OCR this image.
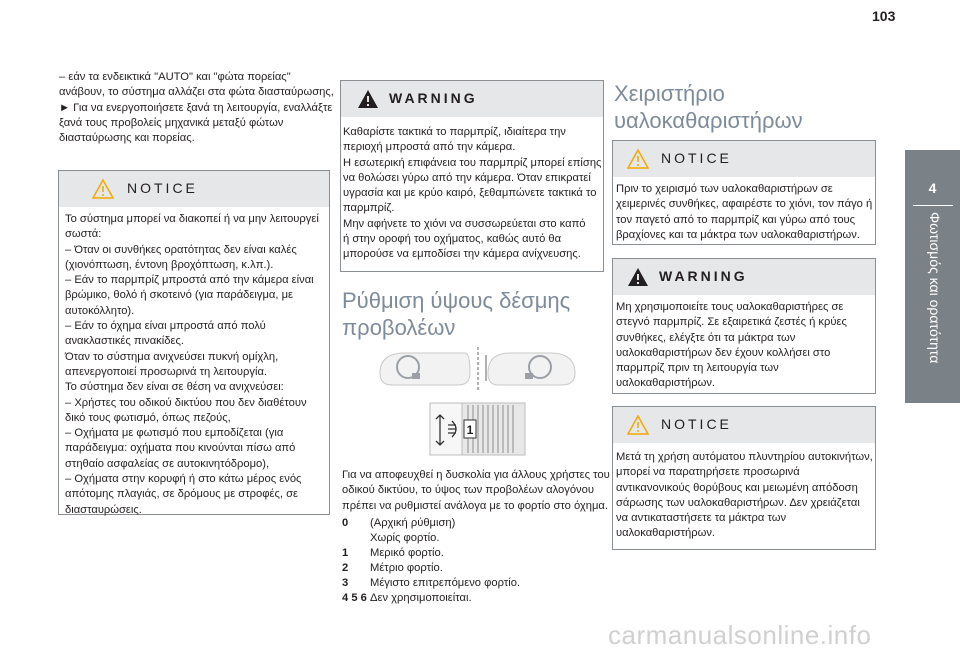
103
4
Φωτισμός και ορατότητα
– εάν τα ενδεικτικά "AUTO" και "φώτα πορείας"
ανάβουν, το σύστημα αλλάζει στα φώτα διασταύρωσης,
► Για να ενεργοποιήσετε ξανά τη λειτουργία, εναλλάξτε
ξανά τους προβολείς μηχανικά μεταξύ φώτων
διασταύρωσης και πορείας.
NOTICE
Το σύστημα μπορεί να διακοπεί ή να μην λειτουργεί
σωστά:
– Όταν οι συνθήκες ορατότητας δεν είναι καλές
(χιονόπτωση, έντονη βροχόπτωση, κ.λπ.).
– Εάν το παρμπρίζ μπροστά από την κάμερα είναι
βρώμικο, θολό ή σκοτεινό (για παράδειγμα, με
αυτοκόλλητο).
– Εάν το όχημα είναι μπροστά από πολύ
ανακλαστικές πινακίδες.
Όταν το σύστημα ανιχνεύσει πυκνή ομίχλη,
απενεργοποιεί προσωρινά τη λειτουργία.
Το σύστημα δεν είναι σε θέση να ανιχνεύσει:
– Χρήστες του οδικού δικτύου που δεν διαθέτουν
δικό τους φωτισμό, όπως πεζούς,
– Οχήματα με φωτισμό που εμποδίζεται (για
παράδειγμα: οχήματα που κινούνται πίσω από
στηθαίο ασφαλείας σε αυτοκινητόδρομο),
– Οχήματα στην κορυφή ή στο κάτω μέρος ενός
απότομης πλαγιάς, σε δρόμους με στροφές, σε
διασταυρώσεις.
WARNING
Καθαρίστε τακτικά το παρμπρίζ, ιδιαίτερα την
περιοχή μπροστά από την κάμερα.
Η εσωτερική επιφάνεια του παρμπρίζ μπορεί επίσης
να θολώσει γύρω από την κάμερα. Όταν επικρατεί
υγρασία και με κρύο καιρό, ξεθαμπώνετε τακτικά το
παρμπρίζ.
Μην αφήνετε το χιόνι να συσσωρεύεται στο καπό
ή στην οροφή του οχήματος, καθώς αυτό θα
μπορούσε να εμποδίσει την κάμερα ανίχνευσης.
Ρύθμιση ύψους δέσμης
προβολέων
1
Για να αποφευχθεί η δυσκολία για άλλους χρήστες του
οδικού δικτύου, το ύψος των προβολέων αλογόνου
πρέπει να ρυθμιστεί ανάλογα με το φορτίο στο όχημα.
0 (Αρχική ρύθμιση)
Χωρίς φορτίο.
1 Μερικό φορτίο.
2 Μέτριο φορτίο.
3 Μέγιστο επιτρεπόμενο φορτίο.
4 5 6 Δεν χρησιμοποιείται.
Χειριστήριο
υαλοκαθαριστήρων
NOTICE
Πριν το χειρισμό των υαλοκαθαριστήρων σε
χειμερινές συνθήκες, αφαιρέστε το χιόνι, τον πάγο ή
τον παγετό από το παρμπρίζ και γύρω από τους
βραχίονες και τα μάκτρα των υαλοκαθαριστήρων.
WARNING
Μη χρησιμοποιείτε τους υαλοκαθαριστήρες σε
στεγνό παρμπρίζ. Σε εξαιρετικά ζεστές ή κρύες
συνθήκες, ελέγξτε ότι τα μάκτρα των
υαλοκαθαριστήρων δεν έχουν κολλήσει στο
παρμπρίζ πριν τη λειτουργία των
υαλοκαθαριστήρων.
NOTICE
Μετά τη χρήση αυτόματου πλυντηρίου αυτοκινήτων,
μπορεί να παρατηρήσετε προσωρινά
αντικανονικούς θορύβους και μειωμένη απόδοση
σάρωσης των υαλοκαθαριστήρων. Δεν χρειάζεται
να αντικαταστήσετε τα μάκτρα των
υαλοκαθαριστήρων.
carmanualsonline.info
